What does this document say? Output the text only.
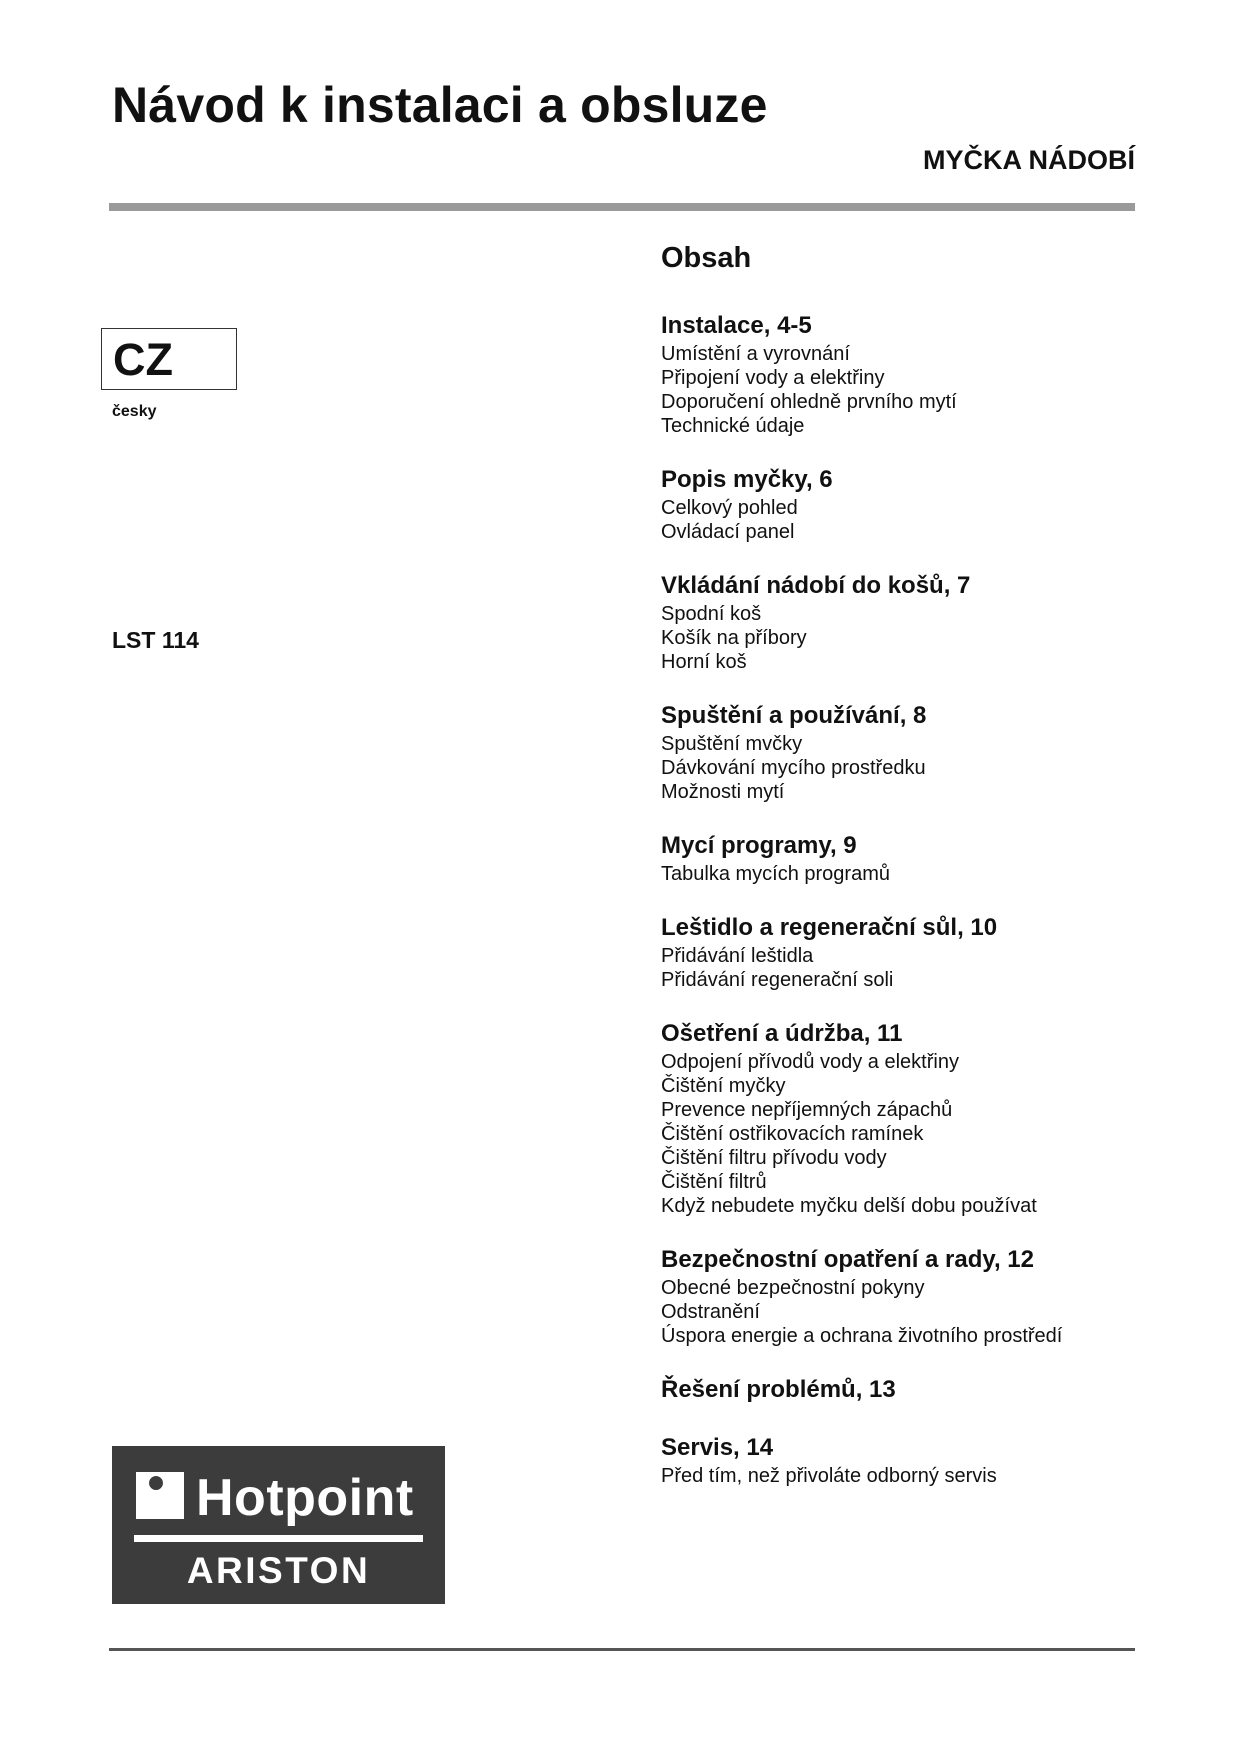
Návod k instalaci a obsluze
MYČKA NÁDOBÍ
CZ
česky
LST 114
Hotpoint
ARISTON
Obsah
Instalace, 4-5
Umístění a vyrovnání
Připojení vody a elektřiny
Doporučení ohledně prvního mytí
Technické údaje
Popis myčky, 6
Celkový pohled
Ovládací panel
Vkládání nádobí do košů, 7
Spodní koš
Košík na příbory
Horní koš
Spuštění a používání, 8
Spuštění mvčky
Dávkování mycího prostředku
Možnosti mytí
Mycí programy, 9
Tabulka mycích programů
Leštidlo a regenerační sůl, 10
Přidávání leštidla
Přidávání regenerační soli
Ošetření a údržba, 11
Odpojení přívodů vody a elektřiny
Čištění myčky
Prevence nepříjemných zápachů
Čištění ostřikovacích ramínek
Čištění filtru přívodu vody
Čištění filtrů
Když nebudete myčku delší dobu používat
Bezpečnostní opatření a rady, 12
Obecné bezpečnostní pokyny
Odstranění
Úspora energie a ochrana životního prostředí
Řešení problémů, 13
Servis, 14
Před tím, než přivoláte odborný servis
